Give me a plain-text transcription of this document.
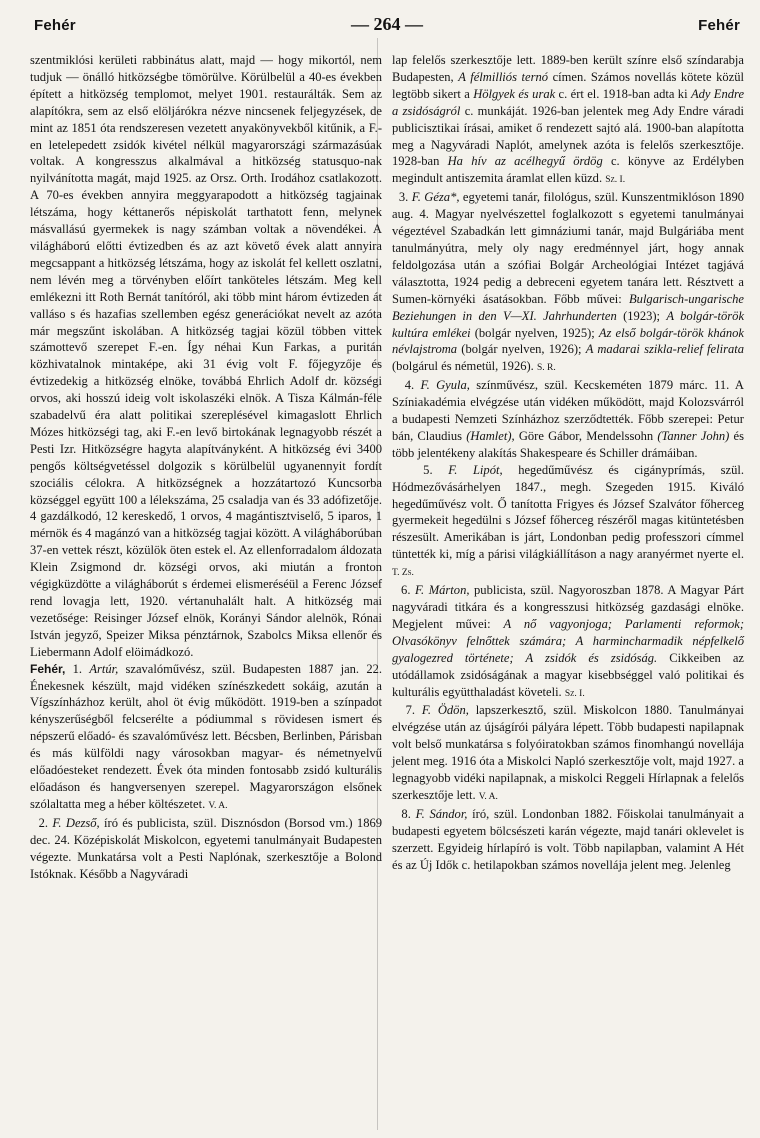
Fehér	— 264 —	Fehér

szentmiklósi kerületi rabbinátus alatt, majd — hogy mikortól, nem tudjuk — önálló hitközségbe tömörülve. Körülbelül a 40-es években épített a hitközség templomot, melyet 1901. restaurálták. Sem az alapítókra, sem az első elöljárókra nézve nincsenek feljegyzések, de mint az 1851 óta rendszeresen vezetett anyakönyvekből kitűnik, a F.-en letelepedett zsidók kivétel nélkül magyarországi származásúak voltak. A kongresszus alkalmával a hitközség statusquo-nak nyilvánította magát, majd 1925. az Orsz. Orth. Irodához csatlakozott. A 70-es években annyira meggyarapodott a hitközség tagjainak létszáma, hogy kéttanerős népiskolát tarthatott fenn, melynek másvallású gyermekek is nagy számban voltak a növendékei. A világháború előtti évtizedben és az azt követő évek alatt annyira megcsappant a hitközség létszáma, hogy az iskolát fel kellett oszlatni, nem lévén meg a törvényben előírt tanköteles létszám. Meg kell emlékezni itt Roth Bernát tanítóról, aki több mint három évtizeden át valláso s és hazafias szellemben egész generációkat nevelt az azóta már megszűnt iskolában. A hitközség tagjai közül többen vittek számottevő szerepet F.-en. Így néhai Kun Farkas, a puritán közhivatalnok mintaképe, aki 31 évig volt F. főjegyzője és évtizedekig a hitközség elnöke, továbbá Ehrlich Adolf dr. községi orvos, aki hosszú ideig volt iskolaszéki elnök. A Tisza Kálmán-féle szabadelvű éra alatt politikai szereplésével kimagaslott Ehrlich Mózes hitközségi tag, aki F.-en levő birtokának legnagyobb részét a Pesti Izr. Hitközségre hagyta alapítványként. A hitközség évi 3400 pengős költségvetéssel dolgozik s körülbelül ugyanennyit fordít szociális célokra. A hitközségnek a hozzátartozó Kuncsorba községgel együtt 100 a lélekszáma, 25 csaladja van és 33 adófizetője. 4 gazdálkodó, 12 kereskedő, 1 orvos, 4 magántisztviselő, 5 iparos, 1 mérnök és 4 magánzó van a hitközség tagjai között. A világháborúban 37-en vettek részt, közülök öten estek el. Az ellenforradalom áldozata Klein Zsigmond dr. községi orvos, aki miután a fronton végigküzdötte a világháborút s érdemei elismeréséül a Ferenc József rend lovagja lett, 1920. vértanuhalált halt. A hitközség mai vezetősége: Reisinger József elnök, Korányi Sándor alelnök, Rónai István jegyző, Speizer Miksa pénztárnok, Szabolcs Miksa ellenőr és Liebermann Adolf elöimádkozó.

Fehér, 1. Artúr, szavalóművész, szül. Budapesten 1887 jan. 22. Énekesnek készült, majd vidéken színészkedett sokáig, azután a Vígszínházhoz került, ahol öt évig működött. 1919-ben a színpadot kényszerűségből felcserélte a pódiummal s rövidesen ismert és népszerű előadó- és szavalóművész lett. Bécsben, Berlinben, Párisban és más külföldi nagy városokban magyar- és németnyelvű előadóesteket rendezett. Évek óta minden fontosabb zsidó kulturális előadáson és hangversenyen szerepel. Magyarországon elsőnek szólaltatta meg a héber költészetet. V. A.

2. F. Dezső, író és publicista, szül. Disznósdon (Borsod vm.) 1869 dec. 24. Középiskolát Miskolcon, egyetemi tanulmányait Budapesten végezte. Munkatársa volt a Pesti Naplónak, szerkesztője a Bolond Istóknak. Később a Nagyváradi

lap felelős szerkesztője lett. 1889-ben került színre első színdarabja Budapesten, A félmilliós ternó címen. Számos novellás kötete közül legtöbb sikert a Hölgyek és urak c. ért el. 1918-ban adta ki Ady Endre a zsidóságról c. munkáját. 1926-ban jelentek meg Ady Endre váradi publicisztikai írásai, amiket ő rendezett sajtó alá. 1900-ban alapította meg a Nagyváradi Naplót, amelynek azóta is felelős szerkesztője. 1928-ban Ha hív az acélhegyű ördög c. könyve az Erdélyben megindult antiszemita áramlat ellen küzd. Sz. I.

3. F. Géza*, egyetemi tanár, filológus, szül. Kunszentmiklóson 1890 aug. 4. Magyar nyelvészettel foglalkozott s egyetemi tanulmányai végeztével Szabadkán lett gimnáziumi tanár, majd Bulgáriába ment tanulmányútra, mely oly nagy eredménnyel járt, hogy annak feldolgozása után a szófiai Bolgár Archeológiai Intézet tagjává választotta, 1924 pedig a debreceni egyetem tanára lett. Résztvett a Sumen-környéki ásatásokban. Főbb művei: Bulgarisch-ungarische Beziehungen in den V—XI. Jahrhunderten (1923); A bolgár-török kultúra emlékei (bolgár nyelven, 1925); Az első bolgár-török khánok névlajstroma (bolgár nyelven, 1926); A madarai szikla-relief felirata (bolgárul és németül, 1926). S. R.

4. F. Gyula, színművész, szül. Kecskeméten 1879 márc. 11. A Színiakadémia elvégzése után vidéken működött, majd Kolozsvárról a budapesti Nemzeti Színházhoz szerződtették. Főbb szerepei: Petur bán, Claudius (Hamlet), Göre Gábor, Mendelssohn (Tanner John) és több jelentékeny alakítás Shakespeare és Schiller drámáiban.

5. F. Lipót, hegedűművész és cigányprímás, szül. Hódmezővásárhelyen 1847., megh. Szegeden 1915. Kiváló hegedűművész volt. Ő tanította Frigyes és József Szalvátor főherceg gyermekeit hegedülni s József főherceg részéről magas kitüntetésben részesült. Amerikában is járt, Londonban pedig professzori címmel tüntették ki, míg a párisi világkiállításon a nagy aranyérmet nyerte el. T. Zs.

6. F. Márton, publicista, szül. Nagyoroszban 1878. A Magyar Párt nagyváradi titkára és a kongresszusi hitközség gazdasági elnöke. Megjelent művei: A nő vagyonjoga; Parlamenti reformok; Olvasókönyv felnőttek számára; A harmincharmadik népfelkelő gyalogezred története; A zsidók és zsidóság. Cikkeiben az utódállamok zsidóságának a magyar kisebbséggel való politikai és kulturális együtthaladást követeli. Sz. I.

7. F. Ödön, lapszerkesztő, szül. Miskolcon 1880. Tanulmányai elvégzése után az újságírói pályára lépett. Több budapesti napilapnak volt belső munkatársa s folyóiratokban számos finomhangú novellája jelent meg. 1916 óta a Miskolci Napló szerkesztője volt, majd 1927. a legnagyobb vidéki napilapnak, a miskolci Reggeli Hírlapnak a felelős szerkesztője lett. V. A.

8. F. Sándor, író, szül. Londonban 1882. Főiskolai tanulmányait a budapesti egyetem bölcsészeti karán végezte, majd tanári oklevelet is szerzett. Egyideig hírlapíró is volt. Több napilapban, valamint A Hét és az Új Idők c. hetilapokban számos novellája jelent meg. Jelenleg
